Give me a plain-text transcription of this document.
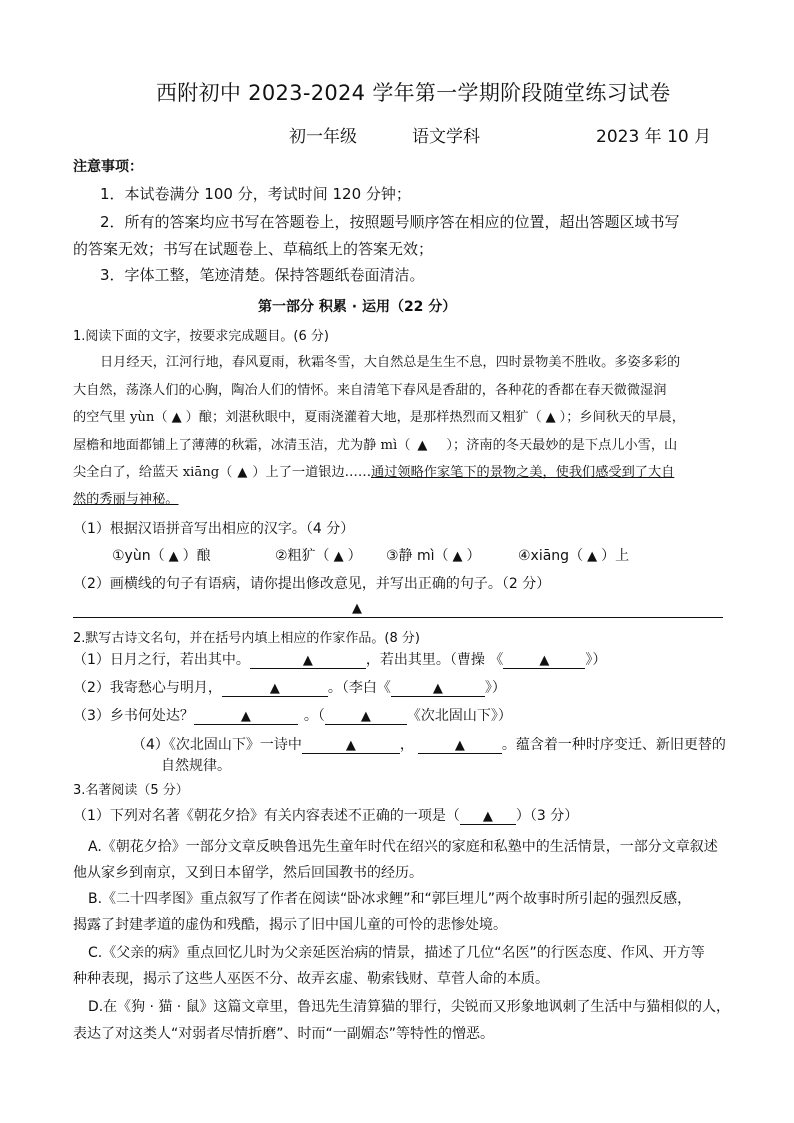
西附初中 2023-2024 学年第一学期阶段随堂练习试卷
初一年级	语文学科	2023 年 10 月
注意事项：
1．本试卷满分 100 分，考试时间 120 分钟；
2．所有的答案均应书写在答题卷上，按照题号顺序答在相应的位置，超出答题区域书写
的答案无效；书写在试题卷上、草稿纸上的答案无效；
3．字体工整，笔迹清楚。保持答题纸卷面清洁。
第一部分 积累 · 运用（22 分）
1.阅读下面的文字，按要求完成题目。(6 分)
日月经天，江河行地，春风夏雨，秋霜冬雪，大自然总是生生不息，四时景物美不胜收。多姿多彩的
大自然，荡涤人们的心胸，陶冶人们的情怀。来自清笔下春风是香甜的，各种花的香都在春天微微湿润
的空气里 yùn（ ▲ ）酿；刘湛秋眼中，夏雨浇灌着大地，是那样热烈而又粗犷（ ▲ ）；乡间秋天的早晨，
屋檐和地面都铺上了薄薄的秋霜，冰清玉洁，尤为静 mì（ ▲ ）；济南的冬天最妙的是下点儿小雪，山
尖全白了，给蓝天 xiāng（ ▲ ）上了一道银边……通过领略作家笔下的景物之美，使我们感受到了大自
然的秀丽与神秘。
（1）根据汉语拼音写出相应的汉字。（4 分）
①yùn（ ▲ ）酿	②粗犷（ ▲ ） ③静 mì（ ▲ ）	④xiāng（ ▲ ）上
（2）画横线的句子有语病，请你提出修改意见，并写出正确的句子。（2 分）
▲
2.默写古诗文名句，并在括号内填上相应的作家作品。(8 分)
（1）日月之行，若出其中。	▲	，若出其里。（曹操 《	▲	》）
（2）我寄愁心与明月，	▲	。（李白《	▲	》）
（3）乡书何处达？	▲	。（	▲	《次北固山下》）
（4）《次北固山下》一诗中	▲	，	▲	。蕴含着一种时序变迁、新旧更替的
自然规律。
3.名著阅读（5 分）
（1）下列对名著《朝花夕拾》有关内容表述不正确的一项是（ ▲ ）（3 分）
A.《朝花夕拾》一部分文章反映鲁迅先生童年时代在绍兴的家庭和私塾中的生活情景，一部分文章叙述
他从家乡到南京，又到日本留学，然后回国教书的经历。
B.《二十四孝图》重点叙写了作者在阅读“卧冰求鲤”和“郭巨埋儿”两个故事时所引起的强烈反感，
揭露了封建孝道的虚伪和残酷，揭示了旧中国儿童的可怜的悲惨处境。
C.《父亲的病》重点回忆儿时为父亲延医治病的情景，描述了几位“名医”的行医态度、作风、开方等
种种表现，揭示了这些人巫医不分、故弄玄虚、勒索钱财、草菅人命的本质。
D.在《狗 · 猫 · 鼠》这篇文章里，鲁迅先生清算猫的罪行，尖锐而又形象地讽刺了生活中与猫相似的人，
表达了对这类人“对弱者尽情折磨”、时而“一副媚态”等特性的憎恶。
